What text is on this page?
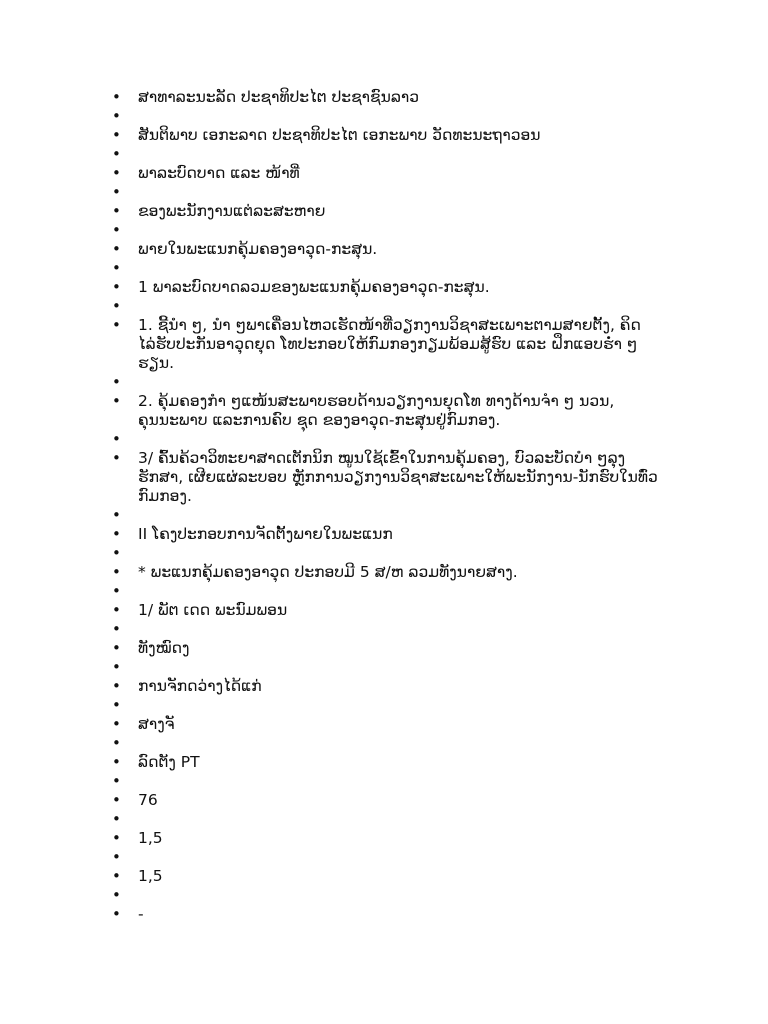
• ສາທາລະນະລັດ ປະຊາທິປະໄຕ ປະຊາຊົນລາວ
•
• ສັນຕິພາບ ເອກະລາດ ປະຊາທິປະໄຕ ເອກະພາບ ວັດທະນະຖາວອນ
•
• ພາລະບົດບາດ ແລະ ໜ້າທີ່
•
• ຂອງພະນັກງານແຕ່ລະສະຫາຍ
•
• ພາຍໃນພະແນກຄຸ້ມຄອງອາວຸດ-ກະສຸນ.
•
• 1 ພາລະບົດບາດລວມຂອງພະແນກຄຸ້ມຄອງອາວຸດ-ກະສຸນ.
•
• 1. ຊີ້ນຳ ໆ, ນຳ ໆພາເຄື່ອນໄຫວເຮັດໜ້າທີ່ວຽກງານວິຊາສະເພາະຕາມສາຍຕັ້ງ, ຄິດໄລ່ຮັບປະກັນອາວຸດຍຸດ ໂທປະກອບໃຫ້ກົມກອງກຽມພ້ອມສູ້ຮົບ ແລະ ຝຶກແອບຮ່ຳ ໆຮຽນ.
•
• 2. ຄຸ້ມຄອງກຳ ໆແໜ້ນສະພາບຮອບດ້ານວຽກງານຍຸດໂທ ທາງດ້ານຈຳ ໆ ນວນ, ຄຸນນະພາບ ແລະການຄົບ ຊຸດ ຂອງອາວຸດ-ກະສຸນຢູ່ກົມກອງ.
•
• 3/ ຄົ້ນຄ້ວາວິທະຍາສາດເຕັກນິກ ໝູນໃຊ້ເຂົ້າໃນການຄຸ້ມຄອງ, ບົວລະບັດບຳ ໆລຸງຮັກສາ, ເຜີຍແຜ່ລະບອບ ຫຼັກການວຽກງານວິຊາສະເພາະໃຫ້ພະນັກງານ-ນັກຮົບໃນທົ່ວກົມກອງ.
•
• II ໂຄງປະກອບການຈັດຕັ້ງພາຍໃນພະແນກ
•
• * ພະແນກຄຸ້ມຄອງອາວຸດ ປະກອບມີ 5 ສ/ຫ ລວມທັງນາຍສາງ.
•
• 1/ ພັຕ ເດດ ພະນົມພອນ
•
• ທັງໝົດງ
•
• ການຈັກດວ່າງໄດ້ແກ່
•
• ສາງຈັ
•
• ລົດຕັງ PT
•
• 76
•
• 1,5
•
• 1,5
•
• -
